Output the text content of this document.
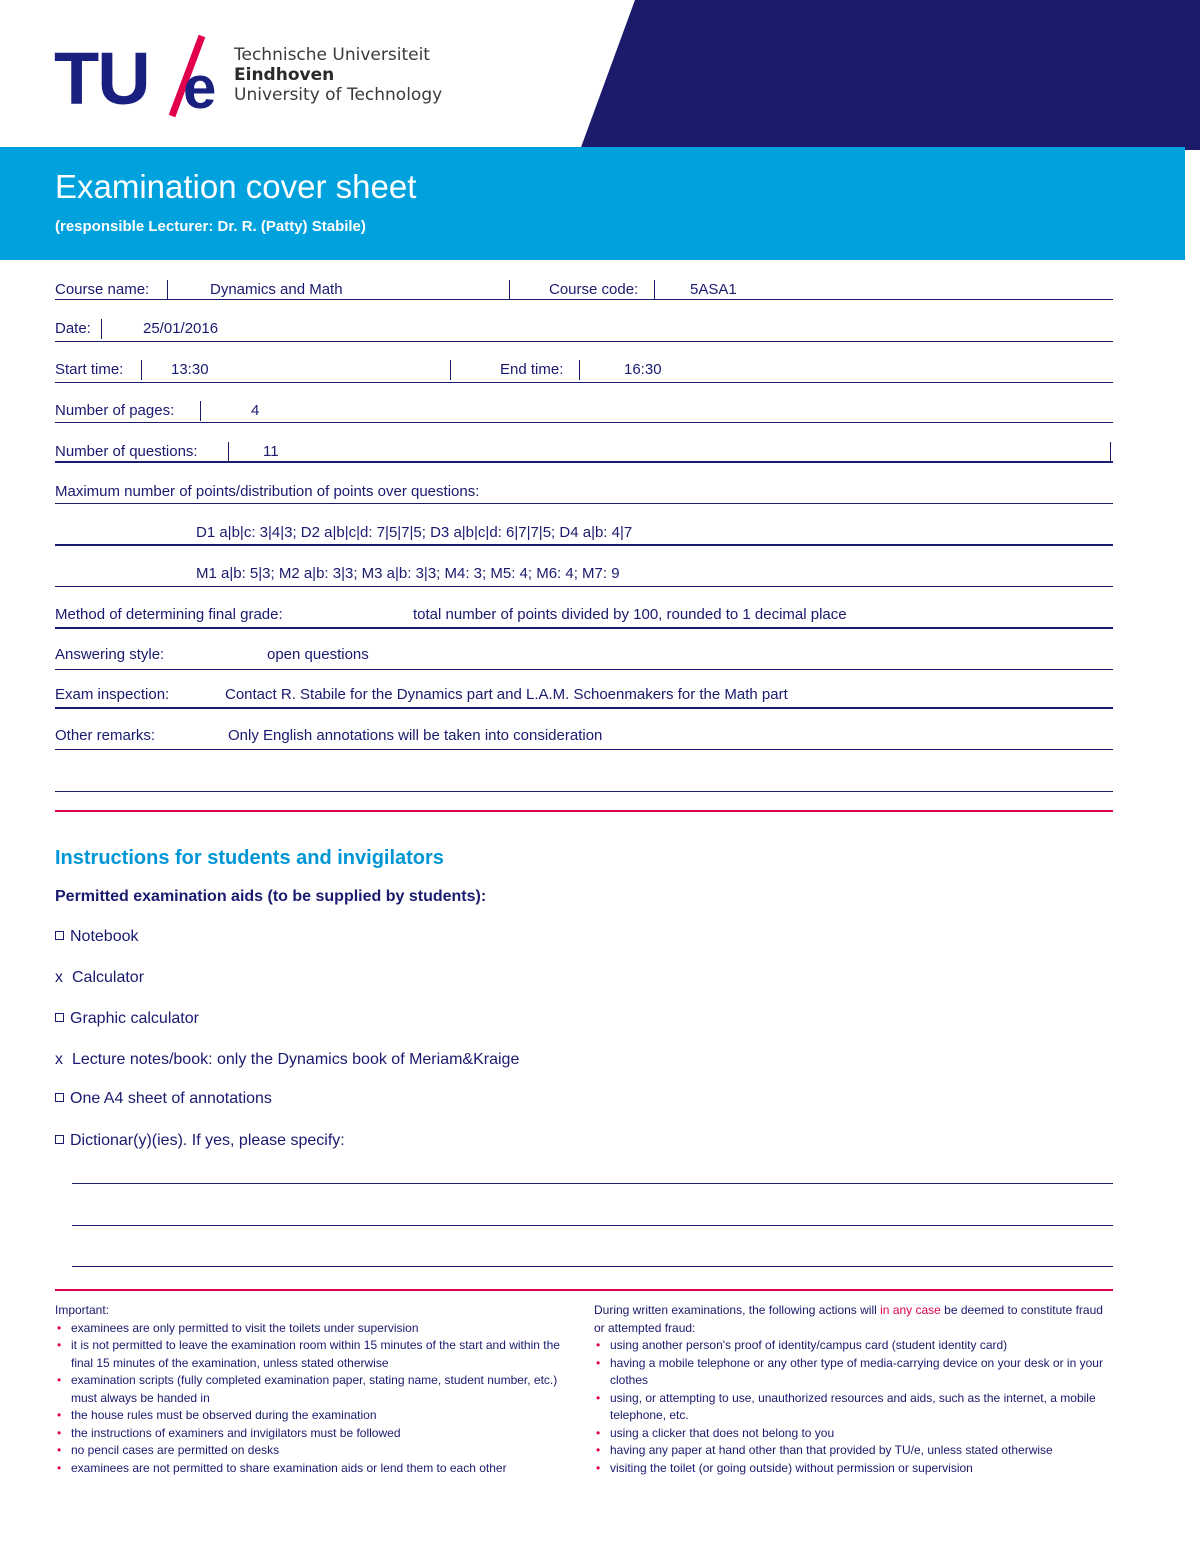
TU e Technische Universiteit
Eindhoven
University of Technology
Examination cover sheet
(responsible Lecturer: Dr. R. (Patty) Stabile)
Course name:	Dynamics and Math	Course code:	5ASA1
Date:	25/01/2016
Start time:	13:30	End time:	16:30
Number of pages:	4
Number of questions:	11
Maximum number of points/distribution of points over questions:
D1 a|b|c: 3|4|3; D2 a|b|c|d: 7|5|7|5; D3 a|b|c|d: 6|7|7|5; D4 a|b: 4|7
M1 a|b: 5|3; M2 a|b: 3|3; M3 a|b: 3|3; M4: 3; M5: 4; M6: 4; M7: 9
Method of determining final grade:	total number of points divided by 100, rounded to 1 decimal place
Answering style:	open questions
Exam inspection:	Contact R. Stabile for the Dynamics part and L.A.M. Schoenmakers for the Math part
Other remarks:	Only English annotations will be taken into consideration
Instructions for students and invigilators
Permitted examination aids (to be supplied by students):
Notebook
x Calculator
Graphic calculator
x Lecture notes/book: only the Dynamics book of Meriam&Kraige
One A4 sheet of annotations
Dictionar(y)(ies). If yes, please specify:
Important:
• examinees are only permitted to visit the toilets under supervision
• it is not permitted to leave the examination room within 15 minutes of the start and within the final 15 minutes of the examination, unless stated otherwise
• examination scripts (fully completed examination paper, stating name, student number, etc.) must always be handed in
• the house rules must be observed during the examination
• the instructions of examiners and invigilators must be followed
• no pencil cases are permitted on desks
• examinees are not permitted to share examination aids or lend them to each other
During written examinations, the following actions will in any case be deemed to constitute fraud or attempted fraud:
• using another person's proof of identity/campus card (student identity card)
• having a mobile telephone or any other type of media-carrying device on your desk or in your clothes
• using, or attempting to use, unauthorized resources and aids, such as the internet, a mobile telephone, etc.
• using a clicker that does not belong to you
• having any paper at hand other than that provided by TU/e, unless stated otherwise
• visiting the toilet (or going outside) without permission or supervision
